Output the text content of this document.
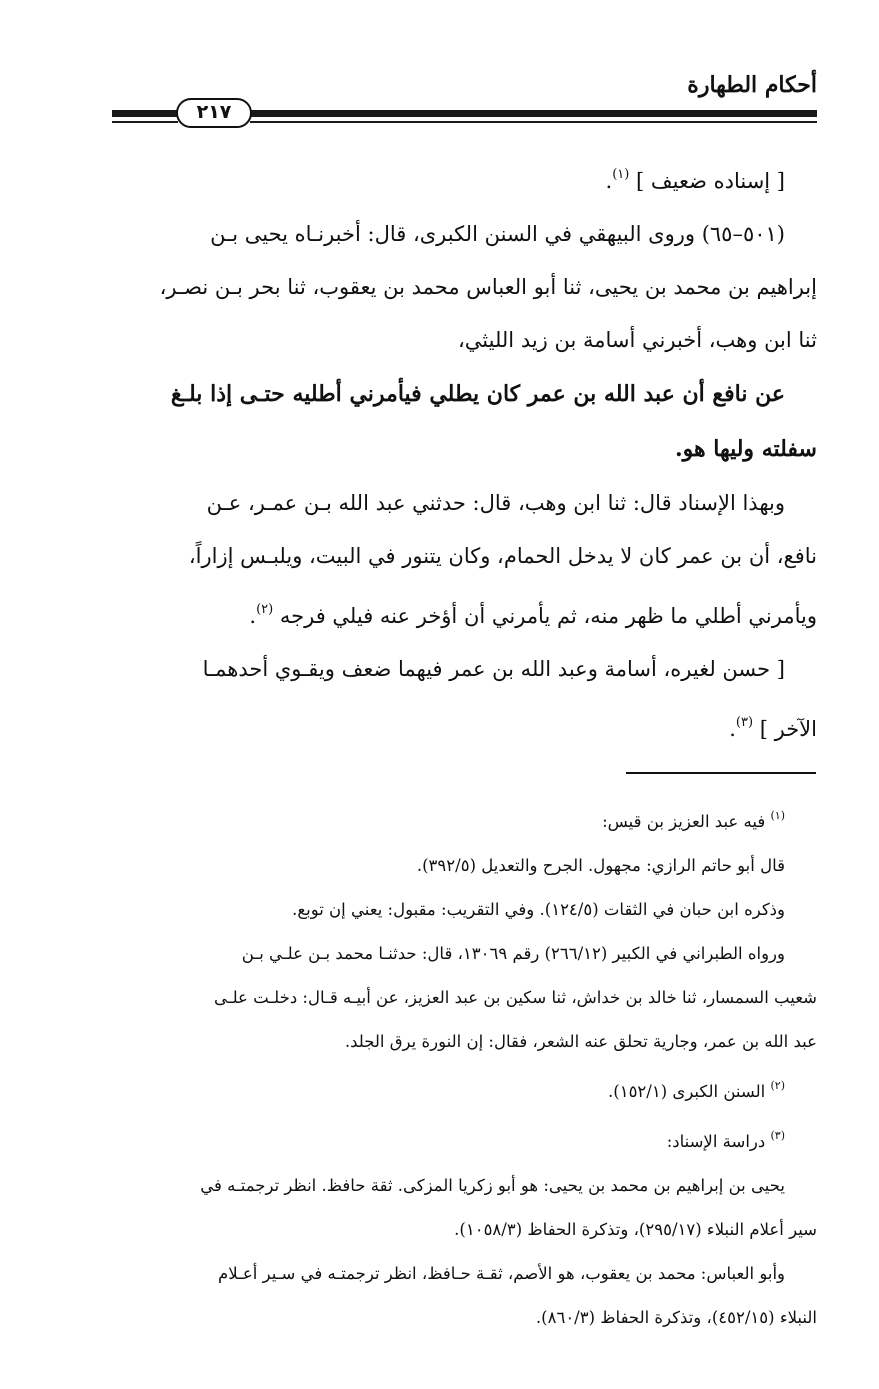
أحكام الطهارة
٢١٧
[ إسناده ضعيف ] $^{(١)}$.
(٥٠١–٦٥) وروى البيهقي في السنن الكبرى، قال: أخبرنـاه يحيى بـن
إبراهيم بن محمد بن يحيى، ثنا أبو العباس محمد بن يعقوب، ثنا بحر بـن نصـر،
ثنا ابن وهب، أخبرني أسامة بن زيد الليثي،
عن نافع أن عبد الله بن عمر كان يطلي فيأمرني أطليه حتـى إذا بلـغ
سفلته وليها هو.
وبهذا الإسناد قال: ثنا ابن وهب، قال: حدثني عبد الله بـن عمـر، عـن
نافع، أن بن عمر كان لا يدخل الحمام، وكان يتنور في البيت، ويلبـس إزاراً،
ويأمرني أطلي ما ظهر منه، ثم يأمرني أن أؤخر عنه فيلي فرجه $^{(٢)}$.
[ حسن لغيره، أسامة وعبد الله بن عمر فيهما ضعف ويقـوي أحدهمـا
الآخر ] $^{(٣)}$.
$^{(١)}$ فيه عبد العزيز بن قيس:
قال أبو حاتم الرازي: مجهول. الجرح والتعديل (٣٩٢/٥).
وذكره ابن حبان في الثقات (١٢٤/٥). وفي التقريب: مقبول: يعني إن توبع.
ورواه الطبراني في الكبير (٢٦٦/١٢) رقم ١٣٠٦٩، قال: حدثنـا محمد بـن علـي بـن
شعيب السمسار، ثنا خالد بن خداش، ثنا سكين بن عبد العزيز، عن أبيـه قـال: دخلـت علـى
عبد الله بن عمر، وجارية تحلق عنه الشعر، فقال: إن النورة يرق الجلد.
$^{(٢)}$ السنن الكبرى (١٥٢/١).
$^{(٣)}$ دراسة الإسناد:
يحيى بن إبراهيم بن محمد بن يحيى: هو أبو زكريا المزكى. ثقة حافظ. انظر ترجمتـه في
سير أعلام النبلاء (٢٩٥/١٧)، وتذكرة الحفاظ (١٠٥٨/٣).
وأبو العباس: محمد بن يعقوب، هو الأصم، ثقـة حـافظ، انظر ترجمتـه في سـير أعـلام
النبلاء (٤٥٢/١٥)، وتذكرة الحفاظ (٨٦٠/٣).
